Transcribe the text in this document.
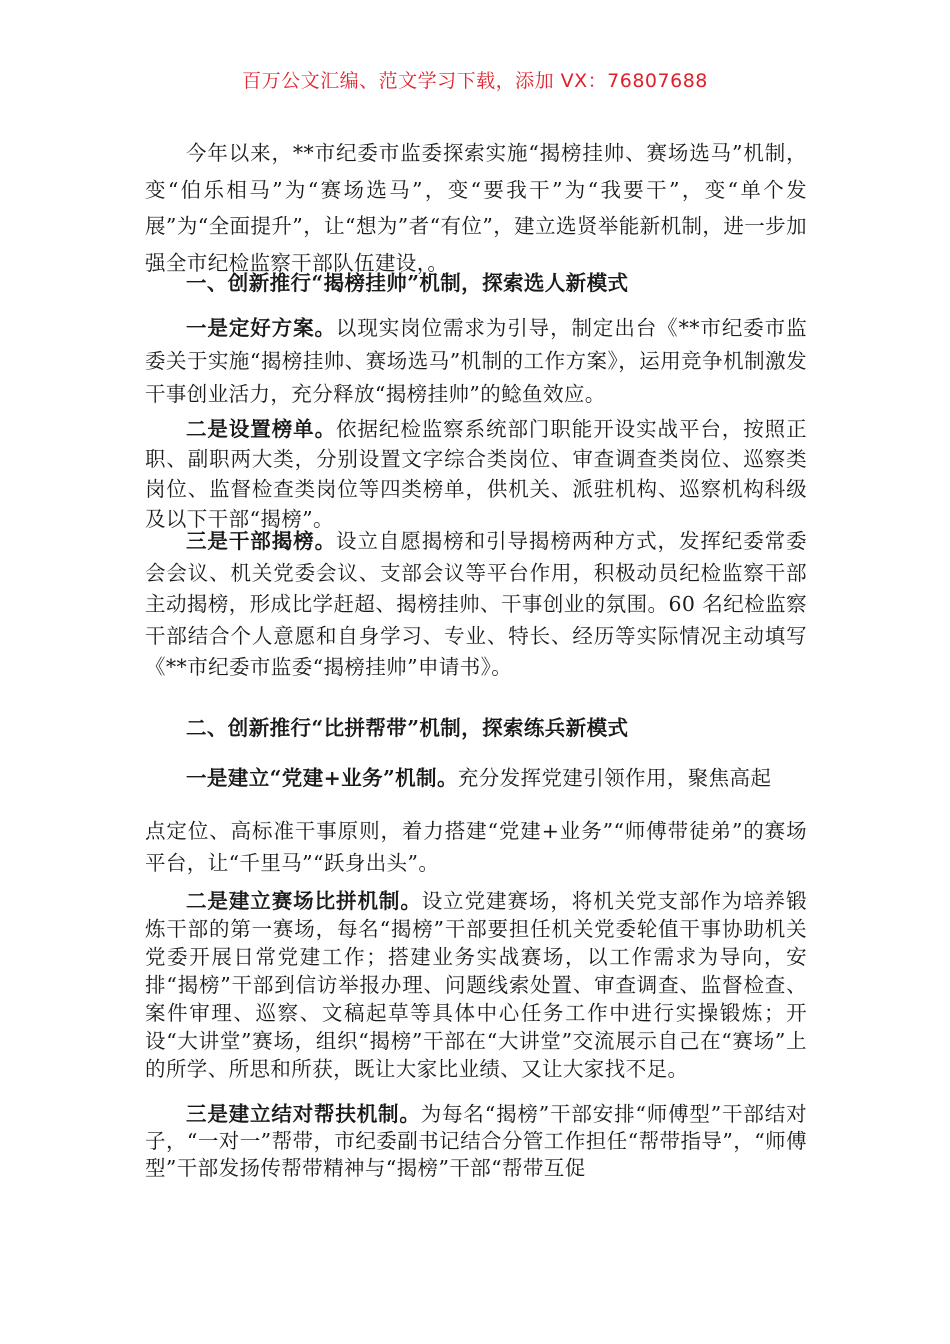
百万公文汇编、范文学习下载，添加 VX：76807688

今年以来，**市纪委市监委探索实施“揭榜挂帅、赛场选马”机制，变“伯乐相马”为“赛场选马”，变“要我干”为“我要干”，变“单个发展”为“全面提升”，让“想为”者“有位”，建立选贤举能新机制，进一步加强全市纪检监察干部队伍建设，。

一、创新推行“揭榜挂帅”机制，探索选人新模式

一是定好方案。以现实岗位需求为引导，制定出台《**市纪委市监委关于实施“揭榜挂帅、赛场选马”机制的工作方案》，运用竞争机制激发干事创业活力，充分释放“揭榜挂帅”的鲶鱼效应。

二是设置榜单。依据纪检监察系统部门职能开设实战平台，按照正职、副职两大类，分别设置文字综合类岗位、审查调查类岗位、巡察类岗位、监督检查类岗位等四类榜单，供机关、派驻机构、巡察机构科级及以下干部“揭榜”。

三是干部揭榜。设立自愿揭榜和引导揭榜两种方式，发挥纪委常委会会议、机关党委会议、支部会议等平台作用，积极动员纪检监察干部主动揭榜，形成比学赶超、揭榜挂帅、干事创业的氛围。60 名纪检监察干部结合个人意愿和自身学习、专业、特长、经历等实际情况主动填写《**市纪委市监委“揭榜挂帅”申请书》。

二、创新推行“比拼帮带”机制，探索练兵新模式

一是建立“党建+业务”机制。充分发挥党建引领作用，聚焦高起

点定位、高标准干事原则，着力搭建“党建+业务”“师傅带徒弟”的赛场平台，让“千里马”“跃身出头”。

二是建立赛场比拼机制。设立党建赛场，将机关党支部作为培养锻炼干部的第一赛场，每名“揭榜”干部要担任机关党委轮值干事协助机关党委开展日常党建工作；搭建业务实战赛场，以工作需求为导向，安排“揭榜”干部到信访举报办理、问题线索处置、审查调查、监督检查、案件审理、巡察、文稿起草等具体中心任务工作中进行实操锻炼；开设“大讲堂”赛场，组织“揭榜”干部在“大讲堂”交流展示自己在“赛场”上的所学、所思和所获，既让大家比业绩、又让大家找不足。

三是建立结对帮扶机制。为每名“揭榜”干部安排“师傅型”干部结对子，“一对一”帮带，市纪委副书记结合分管工作担任“帮带指导”，“师傅型”干部发扬传帮带精神与“揭榜”干部“帮带互促
